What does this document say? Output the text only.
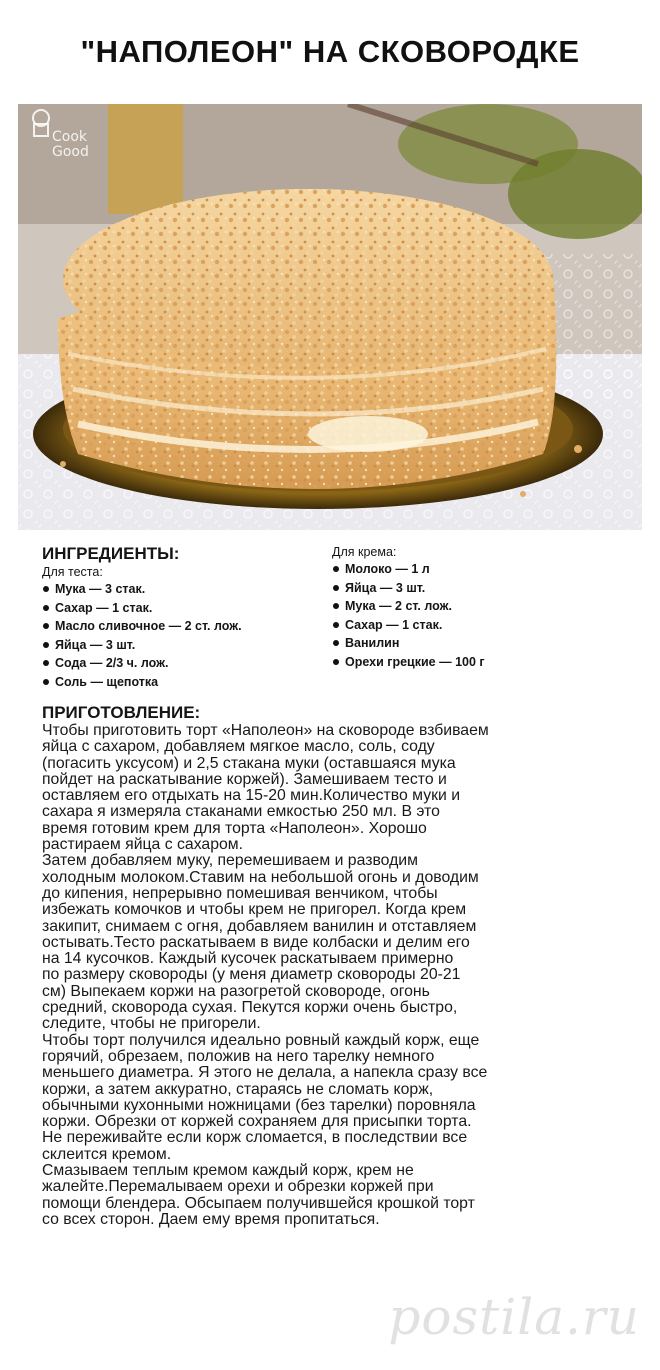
"НАПОЛЕОН" НА СКОВОРОДКЕ
Cook
Good

ИНГРЕДИЕНТЫ:

Для теста:

Мука — 3 стак.
Сахар — 1 стак.
Масло сливочное — 2 ст. лож.
Яйца — 3 шт.
Сода — 2/3 ч. лож.
Соль — щепотка

Для крема:

Молоко — 1 л
Яйца — 3 шт.
Мука — 2 ст. лож.
Сахар — 1 стак.
Ванилин
Орехи грецкие — 100 г

ПРИГОТОВЛЕНИЕ:

Чтобы приготовить торт «Наполеон» на сковороде взбиваем
яйца с сахаром, добавляем мягкое масло, соль, соду
(погасить уксусом) и 2,5 стакана муки (оставшаяся мука
пойдет на раскатывание коржей). Замешиваем тесто и
оставляем его отдыхать на 15-20 мин.Количество муки и
сахара я измеряла стаканами емкостью 250 мл. В это
время готовим крем для торта «Наполеон». Хорошо
растираем яйца с сахаром.
Затем добавляем муку, перемешиваем и разводим
холодным молоком.Ставим на небольшой огонь и доводим
до кипения, непрерывно помешивая венчиком, чтобы
избежать комочков и чтобы крем не пригорел. Когда крем
закипит, снимаем с огня, добавляем ванилин и отставляем
остывать.Тесто раскатываем в виде колбаски и делим его
на 14 кусочков. Каждый кусочек раскатываем примерно
по размеру сковороды (у меня диаметр сковороды 20-21
см) Выпекаем коржи на разогретой сковороде, огонь
средний, сковорода сухая. Пекутся коржи очень быстро,
следите, чтобы не пригорели.
Чтобы торт получился идеально ровный каждый корж, еще
горячий, обрезаем, положив на него тарелку немного
меньшего диаметра. Я этого не делала, а напекла сразу все
коржи, а затем аккуратно, стараясь не сломать корж,
обычными кухонными ножницами (без тарелки) поровняла
коржи. Обрезки от коржей сохраняем для присыпки торта.
Не переживайте если корж сломается, в последствии все
склеится кремом.
Смазываем теплым кремом каждый корж, крем не
жалейте.Перемалываем орехи и обрезки коржей при
помощи блендера. Обсыпаем получившейся крошкой торт
со всех сторон. Даем ему время пропитаться.

postila.ru
